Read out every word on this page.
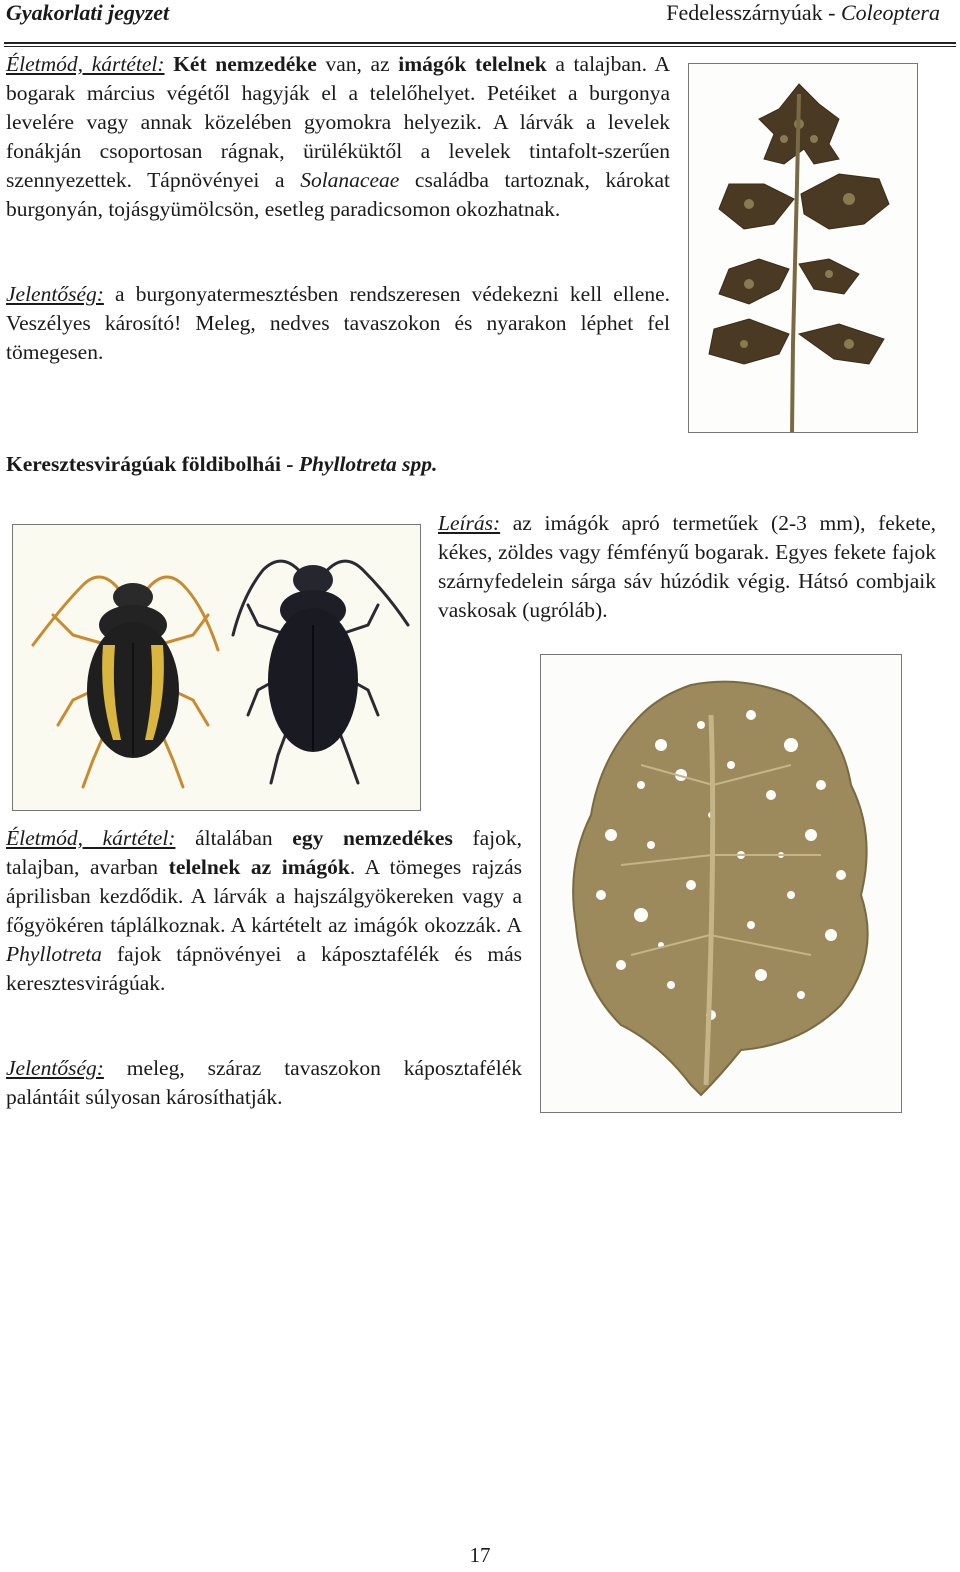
Gyakorlati jegyzet	Fedelesszárnyúak - Coleoptera
Életmód, kártétel: Két nemzedéke van, az imágók telelnek a talajban. A bogarak március végétől hagyják el a telelőhelyet. Petéiket a burgonya levelére vagy annak közelében gyomokra helyezik. A lárvák a levelek fonákján csoportosan rágnak, ürüléküktől a levelek tintafolt-szerűen szennyezettek. Tápnövényei a Solanaceae családba tartoznak, károkat burgonyán, tojásgyümölcsön, esetleg paradicsomon okozhatnak.
Jelentőség: a burgonyatermesztésben rendszeresen védekezni kell ellene. Veszélyes károsító! Meleg, nedves tavaszokon és nyarakon léphet fel tömegesen.
Keresztesvirágúak földibolhái - Phyllotreta spp.
Leírás: az imágók apró termetűek (2-3 mm), fekete, kékes, zöldes vagy fémfényű bogarak. Egyes fekete fajok szárnyfedelein sárga sáv húzódik végig. Hátsó combjaik vaskosak (ugróláb).
Életmód, kártétel: általában egy nemzedékes fajok, talajban, avarban telelnek az imágók. A tömeges rajzás áprilisban kezdődik. A lárvák a hajszálgyökereken vagy a főgyökéren táplálkoznak. A kártételt az imágók okozzák. A Phyllotreta fajok tápnövényei a káposztafélék és más keresztesvirágúak.
Jelentőség: meleg, száraz tavaszokon káposztafélék palántáit súlyosan károsíthatják.
17
